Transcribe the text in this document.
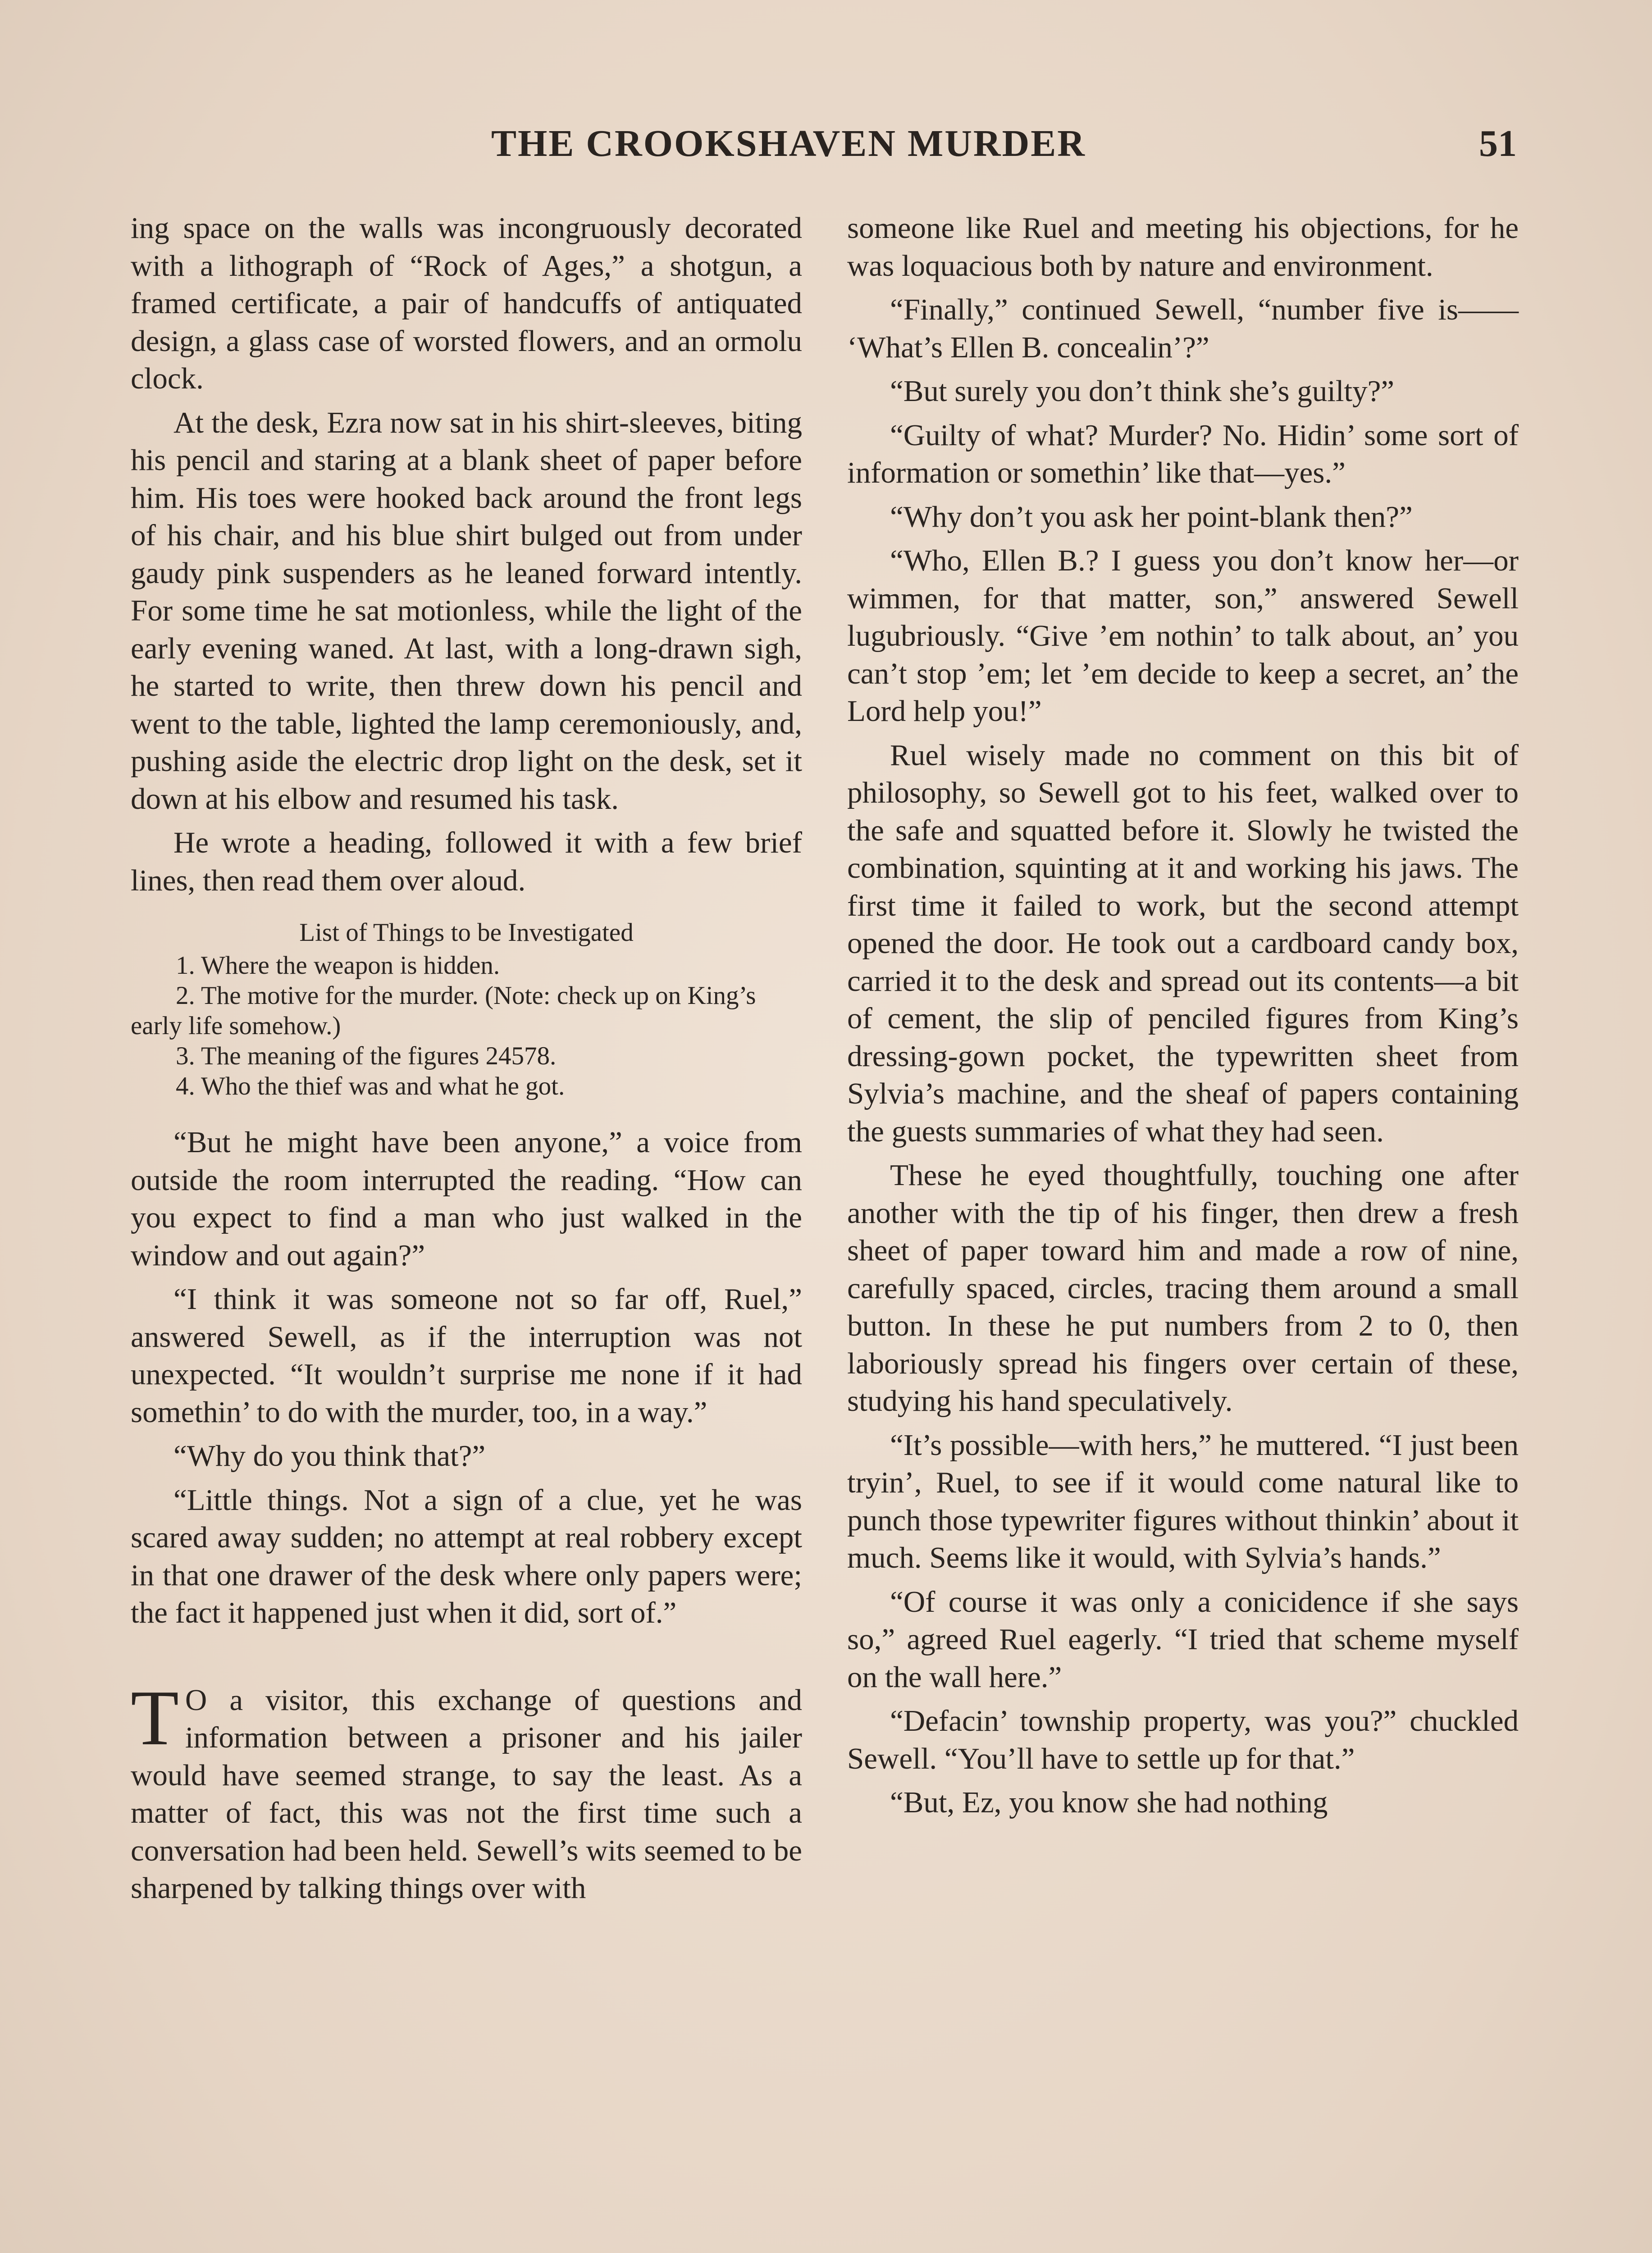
THE CROOKSHAVEN MURDER	51

ing space on the walls was incongruously decorated with a lithograph of “Rock of Ages,” a shotgun, a framed certificate, a pair of handcuffs of antiquated design, a glass case of worsted flowers, and an ormolu clock.

At the desk, Ezra now sat in his shirt-sleeves, biting his pencil and staring at a blank sheet of paper before him. His toes were hooked back around the front legs of his chair, and his blue shirt bulged out from under gaudy pink suspenders as he leaned forward intently. For some time he sat motionless, while the light of the early evening waned. At last, with a long-drawn sigh, he started to write, then threw down his pencil and went to the table, lighted the lamp ceremoniously, and, pushing aside the electric drop light on the desk, set it down at his elbow and resumed his task.

He wrote a heading, followed it with a few brief lines, then read them over aloud.

List of Things to be Investigated
1. Where the weapon is hidden.
2. The motive for the murder. (Note: check up on King’s early life somehow.)
3. The meaning of the figures 24578.
4. Who the thief was and what he got.

“But he might have been anyone,” a voice from outside the room interrupted the reading. “How can you expect to find a man who just walked in the window and out again?”

“I think it was someone not so far off, Ruel,” answered Sewell, as if the interruption was not unexpected. “It wouldn’t surprise me none if it had somethin’ to do with the murder, too, in a way.”

“Why do you think that?”

“Little things. Not a sign of a clue, yet he was scared away sudden; no attempt at real robbery except in that one drawer of the desk where only papers were; the fact it happened just when it did, sort of.”

T O a visitor, this exchange of questions and information between a prisoner and his jailer would have seemed strange, to say the least. As a matter of fact, this was not the first time such a conversation had been held. Sewell’s wits seemed to be sharpened by talking things over with

someone like Ruel and meeting his objections, for he was loquacious both by nature and environment.

“Finally,” continued Sewell, “number five is—— ‘What’s Ellen B. concealin’?”

“But surely you don’t think she’s guilty?”

“Guilty of what? Murder? No. Hidin’ some sort of information or somethin’ like that—yes.”

“Why don’t you ask her point-blank then?”

“Who, Ellen B.? I guess you don’t know her—or wimmen, for that matter, son,” answered Sewell lugubriously. “Give ’em nothin’ to talk about, an’ you can’t stop ’em; let ’em decide to keep a secret, an’ the Lord help you!”

Ruel wisely made no comment on this bit of philosophy, so Sewell got to his feet, walked over to the safe and squatted before it. Slowly he twisted the combination, squinting at it and working his jaws. The first time it failed to work, but the second attempt opened the door. He took out a cardboard candy box, carried it to the desk and spread out its contents—a bit of cement, the slip of penciled figures from King’s dressing-gown pocket, the typewritten sheet from Sylvia’s machine, and the sheaf of papers containing the guests summaries of what they had seen.

These he eyed thoughtfully, touching one after another with the tip of his finger, then drew a fresh sheet of paper toward him and made a row of nine, carefully spaced, circles, tracing them around a small button. In these he put numbers from 2 to 0, then laboriously spread his fingers over certain of these, studying his hand speculatively.

“It’s possible—with hers,” he muttered. “I just been tryin’, Ruel, to see if it would come natural like to punch those typewriter figures without thinkin’ about it much. Seems like it would, with Sylvia’s hands.”

“Of course it was only a conicidence if she says so,” agreed Ruel eagerly. “I tried that scheme myself on the wall here.”

“Defacin’ township property, was you?” chuckled Sewell. “You’ll have to settle up for that.”

“But, Ez, you know she had nothing
